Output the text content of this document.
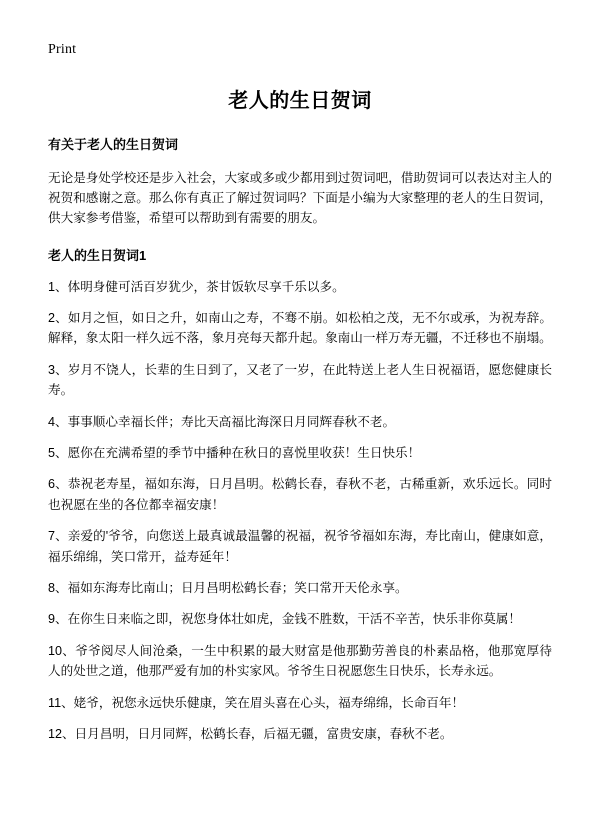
Print
老人的生日贺词

有关于老人的生日贺词

无论是身处学校还是步入社会，大家或多或少都用到过贺词吧，借助贺词可以表达对主人的祝贺和感谢之意。那么你有真正了解过贺词吗？下面是小编为大家整理的老人的生日贺词，供大家参考借鉴，希望可以帮助到有需要的朋友。

老人的生日贺词1

1、体明身健可活百岁犹少，茶甘饭软尽享千乐以多。

2、如月之恒，如日之升，如南山之寿，不骞不崩。如松柏之茂，无不尔或承，为祝寿辞。解释，象太阳一样久远不落，象月亮每天都升起。象南山一样万寿无疆，不迁移也不崩塌。

3、岁月不饶人，长辈的生日到了，又老了一岁，在此特送上老人生日祝福语，愿您健康长寿。

4、事事顺心幸福长伴；寿比天高福比海深日月同辉春秋不老。

5、愿你在充满希望的季节中播种在秋日的喜悦里收获！生日快乐！

6、恭祝老寿星，福如东海，日月昌明。松鹤长春，春秋不老，古稀重新，欢乐远长。同时也祝愿在坐的各位都幸福安康！

7、亲爱的'爷爷，向您送上最真诚最温馨的祝福，祝爷爷福如东海，寿比南山，健康如意，福乐绵绵，笑口常开，益寿延年！

8、福如东海寿比南山；日月昌明松鹤长春；笑口常开天伦永享。

9、在你生日来临之即，祝您身体壮如虎，金钱不胜数，干活不辛苦，快乐非你莫属！

10、爷爷阅尽人间沧桑，一生中积累的最大财富是他那勤劳善良的朴素品格，他那宽厚待人的处世之道，他那严爱有加的朴实家风。爷爷生日祝愿您生日快乐，长寿永远。

11、姥爷，祝您永远快乐健康，笑在眉头喜在心头，福寿绵绵，长命百年！

12、日月昌明，日月同辉，松鹤长春，后福无疆，富贵安康，春秋不老。
